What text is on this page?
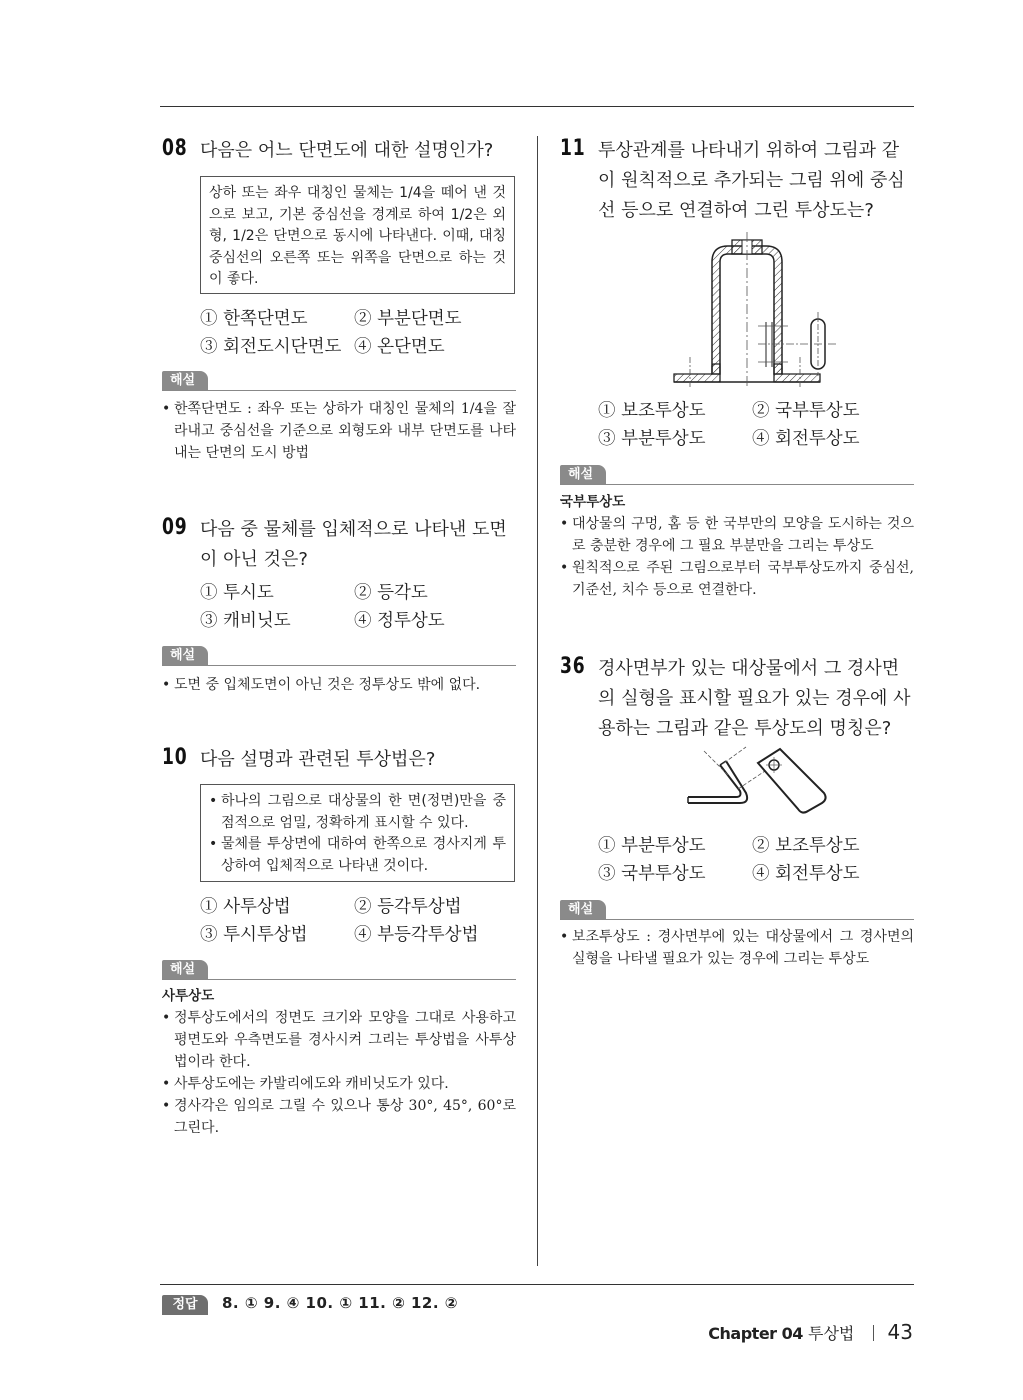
08 다음은 어느 단면도에 대한 설명인가?
상하 또는 좌우 대칭인 물체는 1/4을 떼어 낸 것으로 보고, 기본 중심선을 경계로 하여 1/2은 외형, 1/2은 단면으로 동시에 나타낸다. 이때, 대칭 중심선의 오른쪽 또는 위쪽을 단면으로 하는 것이 좋다.
① 한쪽단면도	② 부분단면도
③ 회전도시단면도 ④ 온단면도
해설
• 한쪽단면도 : 좌우 또는 상하가 대칭인 물체의 1/4을 잘라내고 중심선을 기준으로 외형도와 내부 단면도를 나타내는 단면의 도시 방법
09 다음 중 물체를 입체적으로 나타낸 도면이 아닌 것은?
① 투시도	② 등각도
③ 캐비닛도	④ 정투상도
해설
• 도면 중 입체도면이 아닌 것은 정투상도 밖에 없다.
10 다음 설명과 관련된 투상법은?
• 하나의 그림으로 대상물의 한 면(정면)만을 중점적으로 엄밀, 정확하게 표시할 수 있다.
• 물체를 투상면에 대하여 한쪽으로 경사지게 투상하여 입체적으로 나타낸 것이다.
① 사투상법	② 등각투상법
③ 투시투상법	④ 부등각투상법
해설
사투상도
• 정투상도에서의 정면도 크기와 모양을 그대로 사용하고 평면도와 우측면도를 경사시켜 그리는 투상법을 사투상법이라 한다.
• 사투상도에는 카발리에도와 캐비닛도가 있다.
• 경사각은 임의로 그릴 수 있으나 통상 30°, 45°, 60°로 그린다.
11 투상관계를 나타내기 위하여 그림과 같이 원칙적으로 추가되는 그림 위에 중심선 등으로 연결하여 그린 투상도는?
① 보조투상도	② 국부투상도
③ 부분투상도	④ 회전투상도
해설
국부투상도
• 대상물의 구멍, 홈 등 한 국부만의 모양을 도시하는 것으로 충분한 경우에 그 필요 부분만을 그리는 투상도
• 원칙적으로 주된 그림으로부터 국부투상도까지 중심선, 기준선, 치수 등으로 연결한다.
36 경사면부가 있는 대상물에서 그 경사면의 실형을 표시할 필요가 있는 경우에 사용하는 그림과 같은 투상도의 명칭은?
① 부분투상도	② 보조투상도
③ 국부투상도	④ 회전투상도
해설
• 보조투상도 : 경사면부에 있는 대상물에서 그 경사면의 실형을 나타낼 필요가 있는 경우에 그리는 투상도
정답	8. ① 9. ④ 10. ① 11. ② 12. ②
Chapter 04 투상법 43
